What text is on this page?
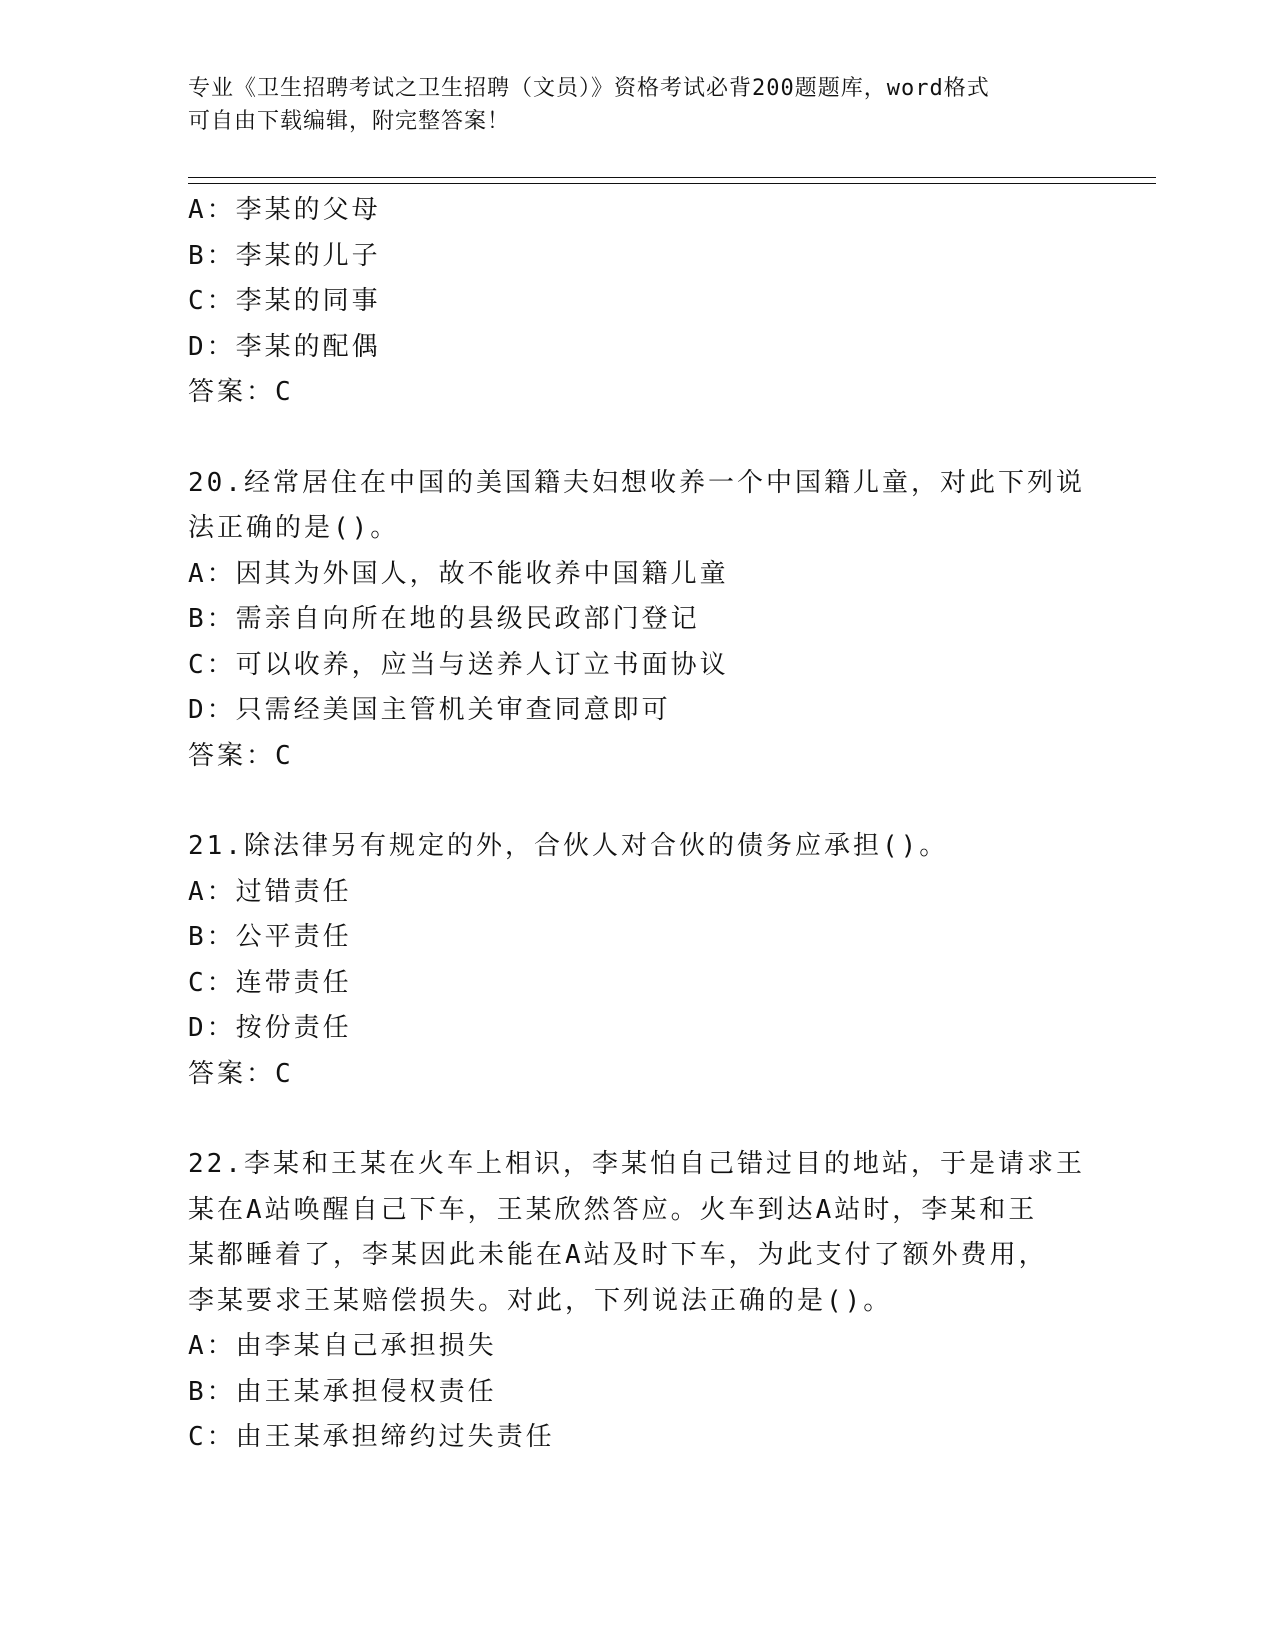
专业《卫生招聘考试之卫生招聘（文员）》资格考试必背200题题库，word格式
可自由下载编辑，附完整答案！
A：李某的父母
B：李某的儿子
C：李某的同事
D：李某的配偶
答案：C
20.经常居住在中国的美国籍夫妇想收养一个中国籍儿童，对此下列说
法正确的是()。
A：因其为外国人，故不能收养中国籍儿童
B：需亲自向所在地的县级民政部门登记
C：可以收养，应当与送养人订立书面协议
D：只需经美国主管机关审查同意即可
答案：C
21.除法律另有规定的外，合伙人对合伙的债务应承担()。
A：过错责任
B：公平责任
C：连带责任
D：按份责任
答案：C
22.李某和王某在火车上相识，李某怕自己错过目的地站，于是请求王
某在A站唤醒自己下车，王某欣然答应。火车到达A站时，李某和王
某都睡着了，李某因此未能在A站及时下车，为此支付了额外费用，
李某要求王某赔偿损失。对此，下列说法正确的是()。
A：由李某自己承担损失
B：由王某承担侵权责任
C：由王某承担缔约过失责任
